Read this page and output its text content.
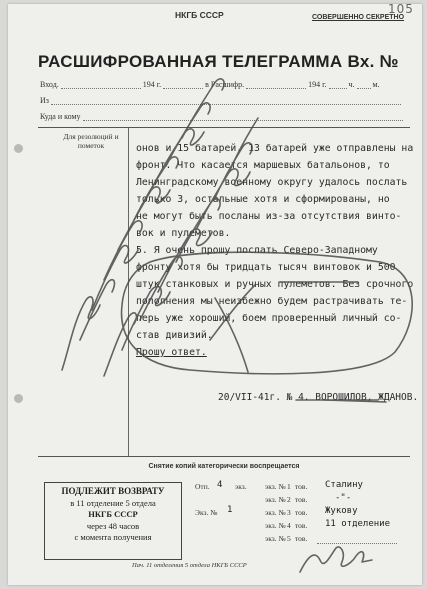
105
НКГБ СССР	СОВЕРШЕННО СЕКРЕТНО
РАСШИФРОВАННАЯ ТЕЛЕГРАММА Вх. №
Вход.	194 г.	в Расшифр.	194 г.	ч. м.
Из
Куда и кому
Для резолюций и пометок	онов и 15 батарей. 13 батарей уже отправлены на
фронт. Что касается маршевых батальонов, то
Ленинградскому военному округу удалось послать
только 3, остальные хотя и сформированы, но
не могут быть посланы из-за отсутствия винто-
вок и пулеметов.
5. Я очень прошу послать Северо-Западному
фронту хотя бы тридцать тысяч винтовок и 500
штук станковых и ручных пулеметов. Без срочного
пополнения мы неизбежно будем растрачивать те-
перь уже хороший, боем проверенный личный со-
став дивизий.
Прошу ответ.
20/VII-41г. № 4. ВОРОШИЛОВ, ЖДАНОВ.
Снятие копий категорически воспрещается
ПОДЛЕЖИТ ВОЗВРАТУ
в 11 отделение 5 отдела
НКГБ СССР
через 48 часов
с момента получения
Отп. 4 экз. экз. № 1 тов. Сталину
экз. № 2 тов.	-"-
Экз. № 1	экз. № 3 тов. Жукову
экз. № 4 тов. 11 отделение
экз. № 5 тов.
Пач. 11 отделения 5 отдела НКГБ СССР
